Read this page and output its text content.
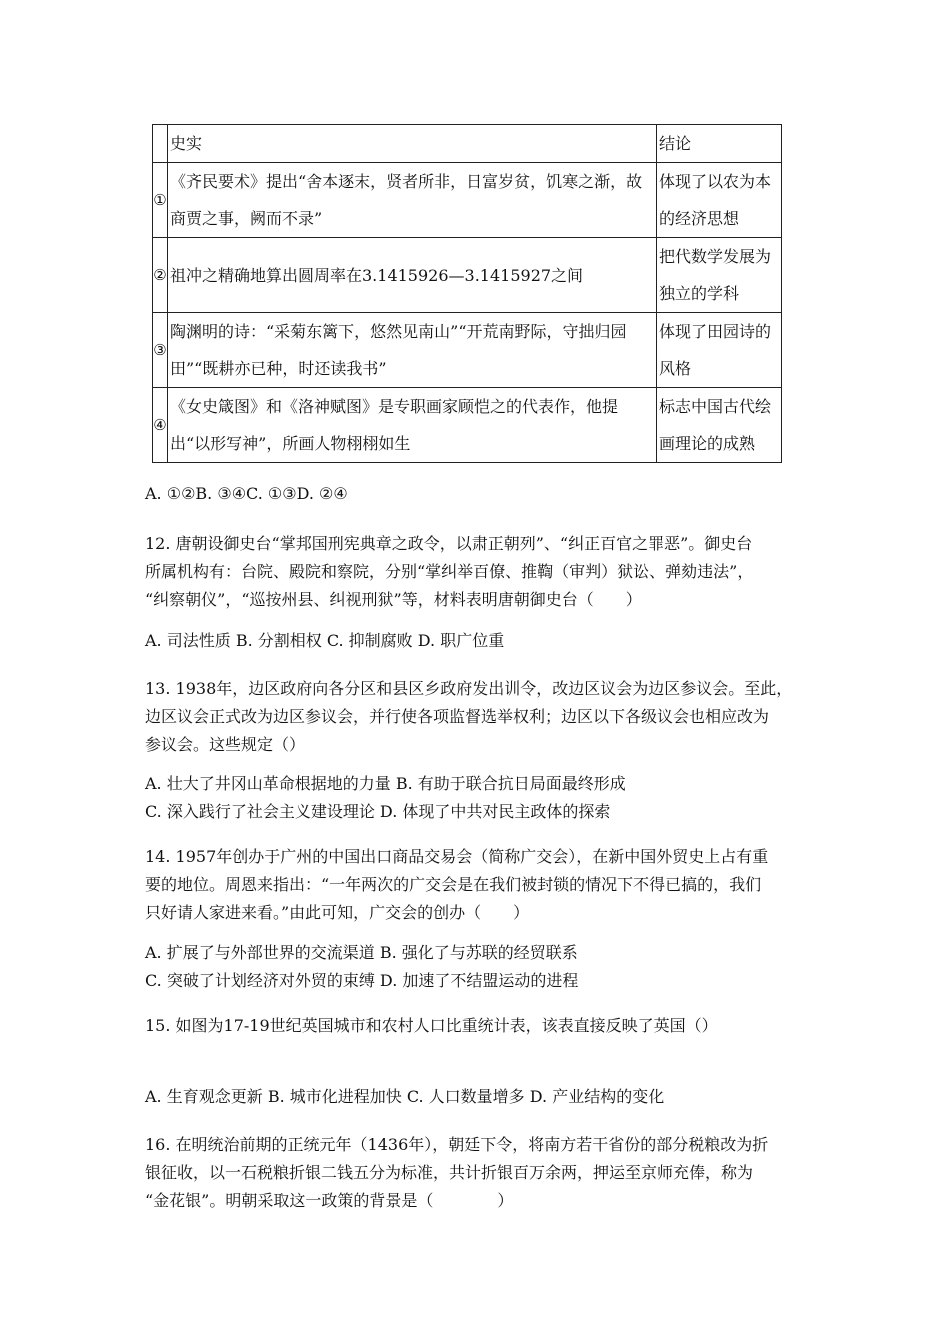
	史实	结论
①	《齐民要术》提出“舍本逐末，贤者所非，日富岁贫，饥寒之渐，故商贾之事，阙而不录”	体现了以农为本的经济思想
②	祖冲之精确地算出圆周率在3.1415926—3.1415927之间	把代数学发展为独立的学科
③	陶渊明的诗：“采菊东篱下，悠然见南山”“开荒南野际，守拙归园田”“既耕亦已种，时还读我书”	体现了田园诗的风格
④	《女史箴图》和《洛神赋图》是专职画家顾恺之的代表作，他提出“以形写神”，所画人物栩栩如生	标志中国古代绘画理论的成熟
A. ①②B. ③④C. ①③D. ②④
12. 唐朝设御史台“掌邦国刑宪典章之政令，以肃正朝列”、“纠正百官之罪恶”。御史台
所属机构有：台院、殿院和察院，分别“掌纠举百僚、推鞫（审判）狱讼、弹劾违法”，
“纠察朝仪”，“巡按州县、纠视刑狱”等，材料表明唐朝御史台（　　）
A. 司法性质 B. 分割相权 C. 抑制腐败 D. 职广位重
13. 1938年，边区政府向各分区和县区乡政府发出训令，改边区议会为边区参议会。至此，
边区议会正式改为边区参议会，并行使各项监督选举权利；边区以下各级议会也相应改为
参议会。这些规定（）
A. 壮大了井冈山革命根据地的力量 B. 有助于联合抗日局面最终形成
C. 深入践行了社会主义建设理论 D. 体现了中共对民主政体的探索
14. 1957年创办于广州的中国出口商品交易会（简称广交会），在新中国外贸史上占有重
要的地位。周恩来指出：“一年两次的广交会是在我们被封锁的情况下不得已搞的，我们
只好请人家进来看。”由此可知，广交会的创办（　　）
A. 扩展了与外部世界的交流渠道 B. 强化了与苏联的经贸联系
C. 突破了计划经济对外贸的束缚 D. 加速了不结盟运动的进程
15. 如图为17-19世纪英国城市和农村人口比重统计表，该表直接反映了英国（）
A. 生育观念更新 B. 城市化进程加快 C. 人口数量增多 D. 产业结构的变化
16. 在明统治前期的正统元年（1436年），朝廷下令，将南方若干省份的部分税粮改为折
银征收，以一石税粮折银二钱五分为标准，共计折银百万余两，押运至京师充俸，称为
“金花银”。明朝采取这一政策的背景是（　　　　）
